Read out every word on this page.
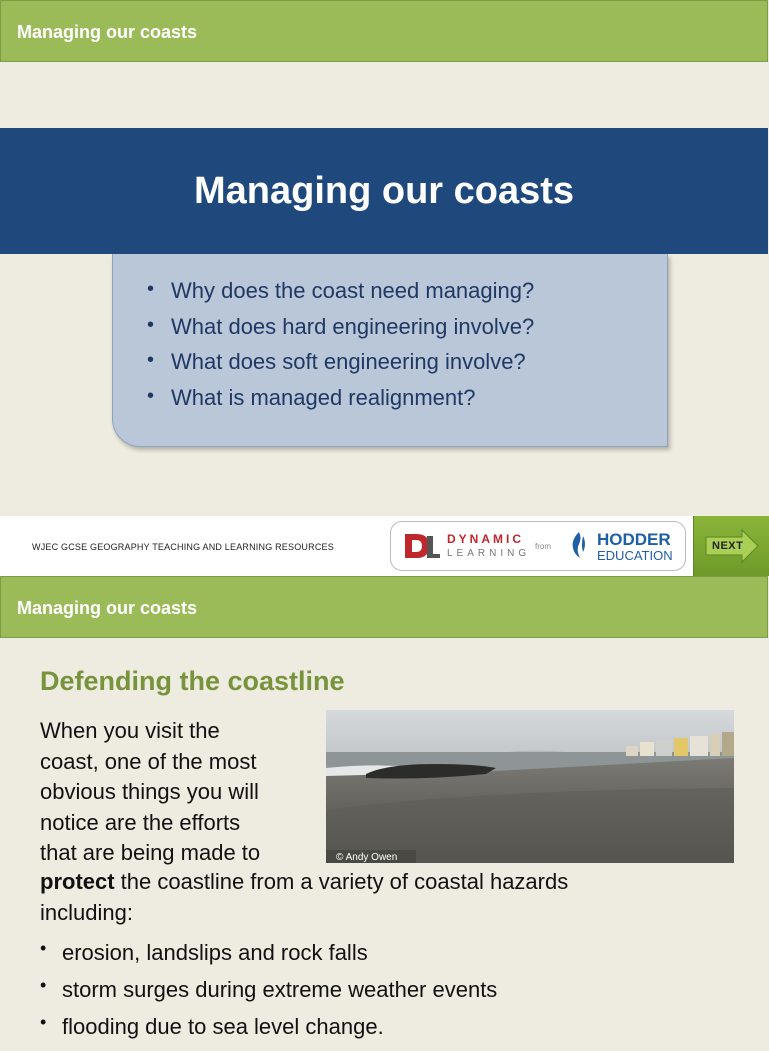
Managing our coasts
Managing our coasts
• Why does the coast need managing?
• What does hard engineering involve?
• What does soft engineering involve?
• What is managed realignment?
WJEC GCSE GEOGRAPHY TEACHING AND LEARNING RESOURCES
DYNAMIC
LEARNING
from	HODDER
EDUCATION
NEXT
Managing our coasts
Defending the coastline
When you visit the
coast, one of the most
obvious things you will
notice are the efforts
that are being made to	© Andy Owen
protect the coastline from a variety of coastal hazards
including:
• erosion, landslips and rock falls
• storm surges during extreme weather events
• flooding due to sea level change.
